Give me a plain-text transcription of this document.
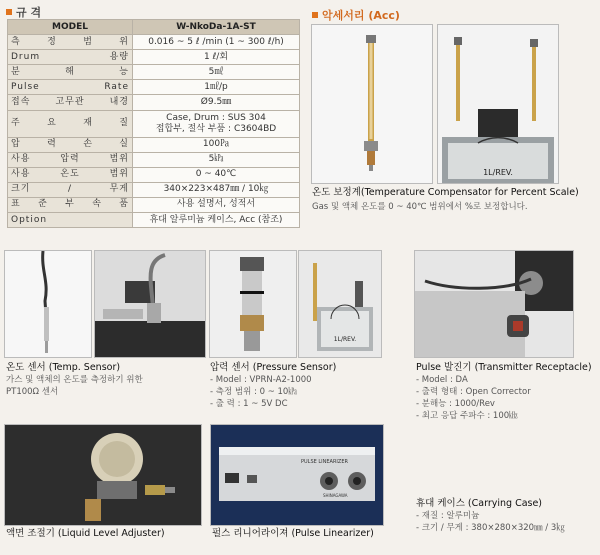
규 격
MODEL	W-NkoDa-1A-ST
측 정 범 위	0.016 ~ 5 ℓ /min (1 ~ 300 ℓ/h)
Drum 용량	1 ℓ/회
분 해 능	5㎖
Pulse Rate	1㎖/p
접속 고무관 내경	Ø9.5㎜
주 요 재 질	Case, Drum : SUS 304
접합부, 절삭 부품 : C3604BD

압 력 손 실	100㎩
사용 압력 범위	5㎪
사용 온도 범위	0 ~ 40℃
크기 / 무게	340×223×487㎜ / 10㎏
표 준 부 속 품	사용 설명서, 성적서
Option	휴대 알루미늄 케이스, Acc (참조)
악세서리 (Acc)
1L/REV.
온도 보정계(Temperature Compensator for Percent Scale)
Gas 및 액체 온도를 0 ~ 40℃ 범위에서 %로 보정합니다.
1L/REV.
온도 센서 (Temp. Sensor)
가스 및 액체의 온도를 측정하기 위한
PT100Ω 센서
압력 센서 (Pressure Sensor)
- Model : VPRN-A2-1000
- 측정 범위 : 0 ~ 10㎪
- 출 력 : 1 ~ 5V DC
Pulse 발진기 (Transmitter Receptacle)
- Model : DA
- 출력 형태 : Open Corrector
- 분해능 : 1000/Rev
- 최고 응답 주파수 : 100㎑
PULSE LINEARIZER
SHINAGAWA
액면 조절기 (Liquid Level Adjuster)	펄스 리니어라이져 (Pulse Linearizer)
휴대 케이스 (Carrying Case)
- 재질 : 알루미늄
- 크기 / 무게 : 380×280×320㎜ / 3㎏
